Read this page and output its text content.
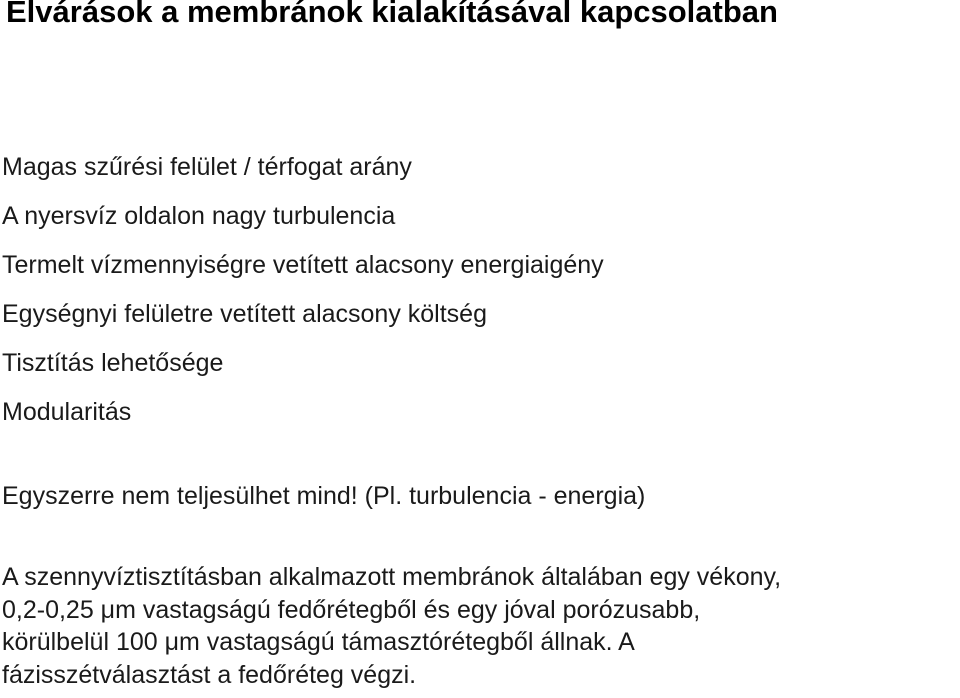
Elvárások a membránok kialakításával kapcsolatban
Magas szűrési felület / térfogat arány
A nyersvíz oldalon nagy turbulencia
Termelt vízmennyiségre vetített alacsony energiaigény
Egységnyi felületre vetített alacsony költség
Tisztítás lehetősége
Modularitás

Egyszerre nem teljesülhet mind! (Pl. turbulencia - energia)

A szennyvíztisztításban alkalmazott membránok általában egy vékony,
0,2-0,25 μm vastagságú fedőrétegből és egy jóval porózusabb,
körülbelül 100 μm vastagságú támasztórétegből állnak. A
fázisszétválasztást a fedőréteg végzi.
